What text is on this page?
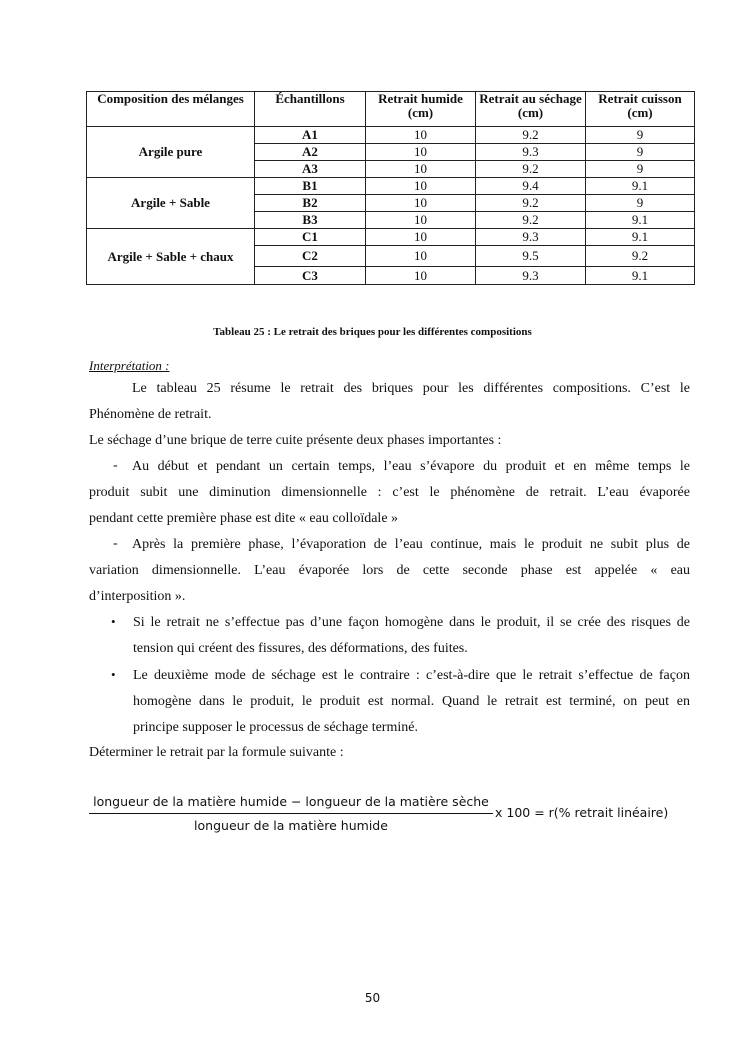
Composition des mélanges	Échantillons	Retrait humide (cm)	Retrait au séchage (cm)	Retrait cuisson (cm)
Argile pure	A1	10	9.2	9
	A2	10	9.3	9
	A3	10	9.2	9
Argile + Sable	B1	10	9.4	9.1
	B2	10	9.2	9
	B3	10	9.2	9.1
Argile + Sable + chaux	C1	10	9.3	9.1
	C2	10	9.5	9.2
	C3	10	9.3	9.1
Tableau 25 : Le retrait des briques pour les différentes compositions
Interprétation :
Le tableau 25 résume le retrait des briques pour les différentes compositions. C’est le
Phénomène de retrait.
Le séchage d’une brique de terre cuite présente deux phases importantes :
- Au début et pendant un certain temps, l’eau s’évapore du produit et en même temps le
produit subit une diminution dimensionnelle : c’est le phénomène de retrait. L’eau évaporée
pendant cette première phase est dite « eau colloïdale »
- Après la première phase, l’évaporation de l’eau continue, mais le produit ne subit plus de
variation dimensionnelle. L’eau évaporée lors de cette seconde phase est appelée « eau
d’interposition ».
• Si le retrait ne s’effectue pas d’une façon homogène dans le produit, il se crée des risques de
tension qui créent des fissures, des déformations, des fuites.
• Le deuxième mode de séchage est le contraire : c’est-à-dire que le retrait s’effectue de façon
homogène dans le produit, le produit est normal. Quand le retrait est terminé, on peut en
principe supposer le processus de séchage terminé.
Déterminer le retrait par la formule suivante :
longueur de la matière humide − longueur de la matière sèche
longueur de la matière humide
x 100 = r(% retrait linéaire)
50
